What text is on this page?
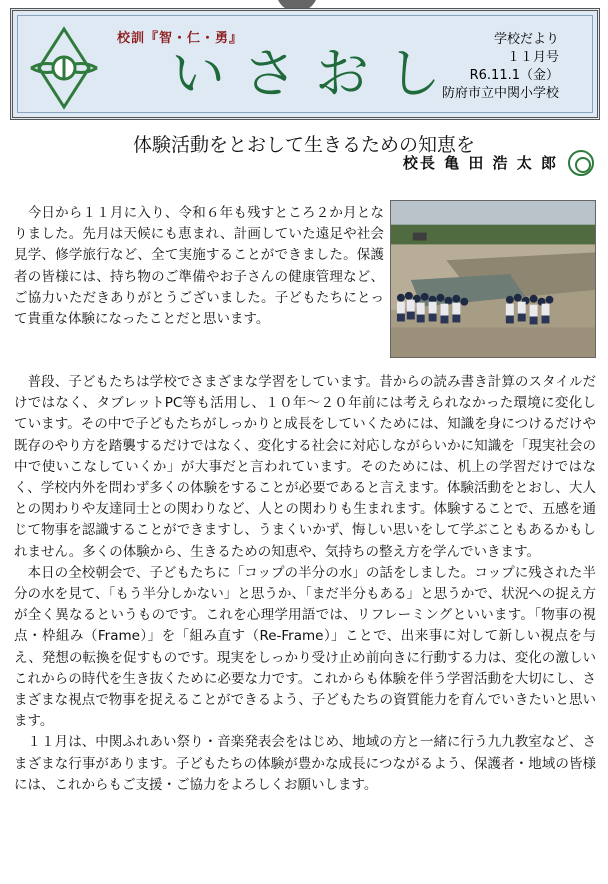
校訓『智・仁・勇』
いさおし
学校だより
１１月号
R6.11.1（金）
防府市立中関小学校
体験活動をとおして生きるための知恵を
校長 亀 田 浩 太 郎
　今日から１１月に入り、令和６年も残すところ２か月となりました。先月は天候にも恵まれ、計画していた遠足や社会見学、修学旅行など、全て実施することができました。保護者の皆様には、持ち物のご準備やお子さんの健康管理など、ご協力いただきありがとうございました。子どもたちにとって貴重な体験になったことだと思います。

　普段、子どもたちは学校でさまざまな学習をしています。昔からの読み書き計算のスタイルだけではなく、タブレットPC等も活用し、１０年～２０年前には考えられなかった環境に変化しています。その中で子どもたちがしっかりと成長をしていくためには、知識を身につけるだけや既存のやり方を踏襲するだけではなく、変化する社会に対応しながらいかに知識を「現実社会の中で使いこなしていくか」が大事だと言われています。そのためには、机上の学習だけではなく、学校内外を問わず多くの体験をすることが必要であると言えます。体験活動をとおし、大人との関わりや友達同士との関わりなど、人との関わりも生まれます。体験することで、五感を通じて物事を認識することができますし、うまくいかず、悔しい思いをして学ぶこともあるかもしれません。多くの体験から、生きるための知恵や、気持ちの整え方を学んでいきます。

　本日の全校朝会で、子どもたちに「コップの半分の水」の話をしました。コップに残された半分の水を見て、「もう半分しかない」と思うか、「まだ半分もある」と思うかで、状況への捉え方が全く異なるというものです。これを心理学用語では、リフレーミングといいます。「物事の視点・枠組み（Frame）」を「組み直す（Re-Frame）」ことで、出来事に対して新しい視点を与え、発想の転換を促すものです。現実をしっかり受け止め前向きに行動する力は、変化の激しいこれからの時代を生き抜くために必要な力です。これからも体験を伴う学習活動を大切にし、さまざまな視点で物事を捉えることができるよう、子どもたちの資質能力を育んでいきたいと思います。

　１１月は、中関ふれあい祭り・音楽発表会をはじめ、地域の方と一緒に行う九九教室など、さまざまな行事があります。子どもたちの体験が豊かな成長につながるよう、保護者・地域の皆様には、これからもご支援・ご協力をよろしくお願いします。
